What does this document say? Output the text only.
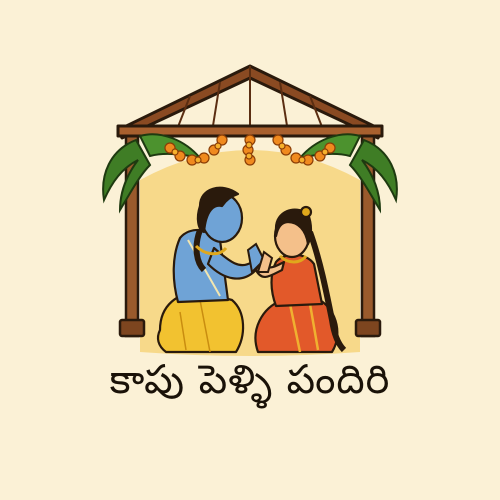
కాపు పెళ్ళి పందిరి
